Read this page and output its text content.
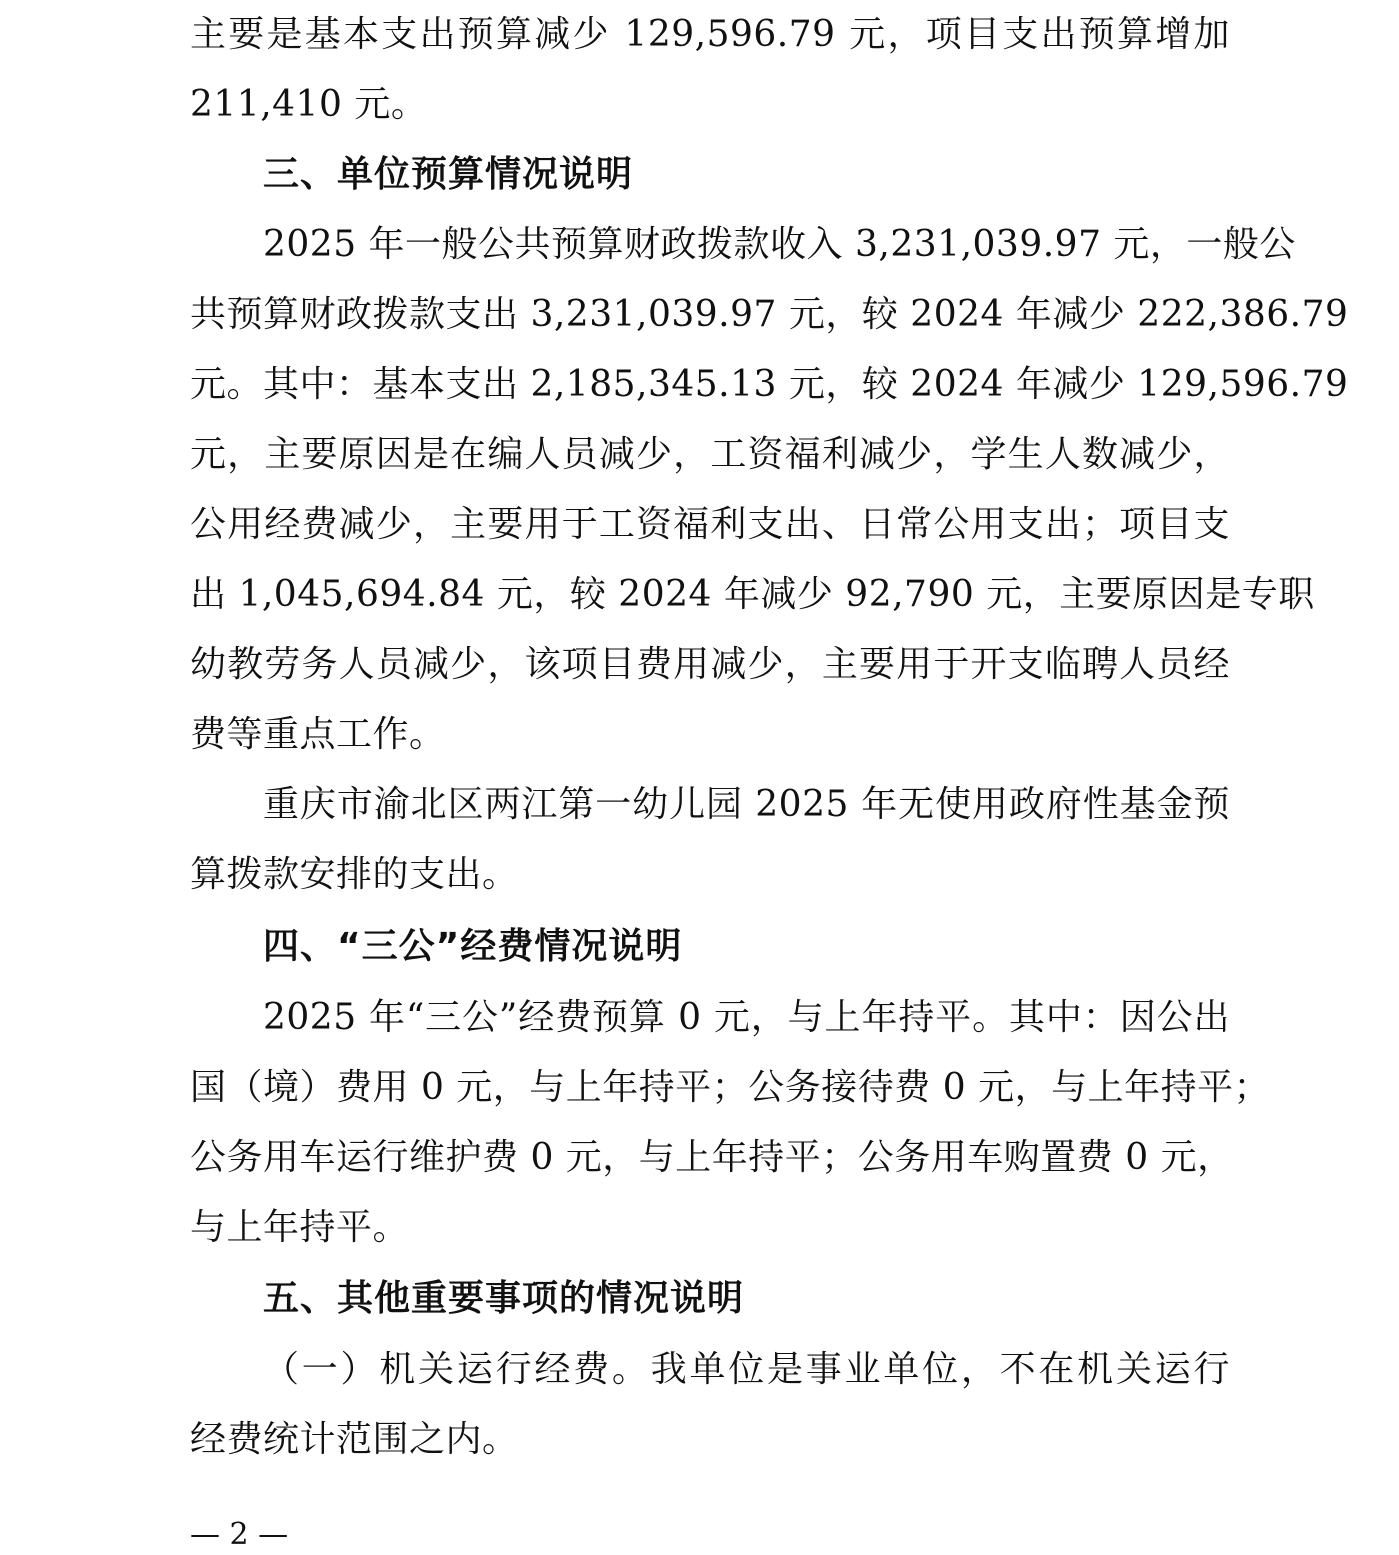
主要是基本支出预算减少 129,596.79 元，项目支出预算增加
211,410 元。
三、单位预算情况说明
2025 年一般公共预算财政拨款收入 3,231,039.97 元，一般公
共预算财政拨款支出 3,231,039.97 元，较 2024 年减少 222,386.79
元。其中：基本支出 2,185,345.13 元，较 2024 年减少 129,596.79
元，主要原因是在编人员减少，工资福利减少，学生人数减少，
公用经费减少，主要用于工资福利支出、日常公用支出；项目支
出 1,045,694.84 元，较 2024 年减少 92,790 元，主要原因是专职
幼教劳务人员减少，该项目费用减少，主要用于开支临聘人员经
费等重点工作。
重庆市渝北区两江第一幼儿园 2025 年无使用政府性基金预
算拨款安排的支出。
四、“三公”经费情况说明
2025 年“三公”经费预算 0 元，与上年持平。其中：因公出
国（境）费用 0 元，与上年持平；公务接待费 0 元，与上年持平；
公务用车运行维护费 0 元，与上年持平；公务用车购置费 0 元，
与上年持平。
五、其他重要事项的情况说明
（一）机关运行经费。我单位是事业单位，不在机关运行
经费统计范围之内。
— 2 —
